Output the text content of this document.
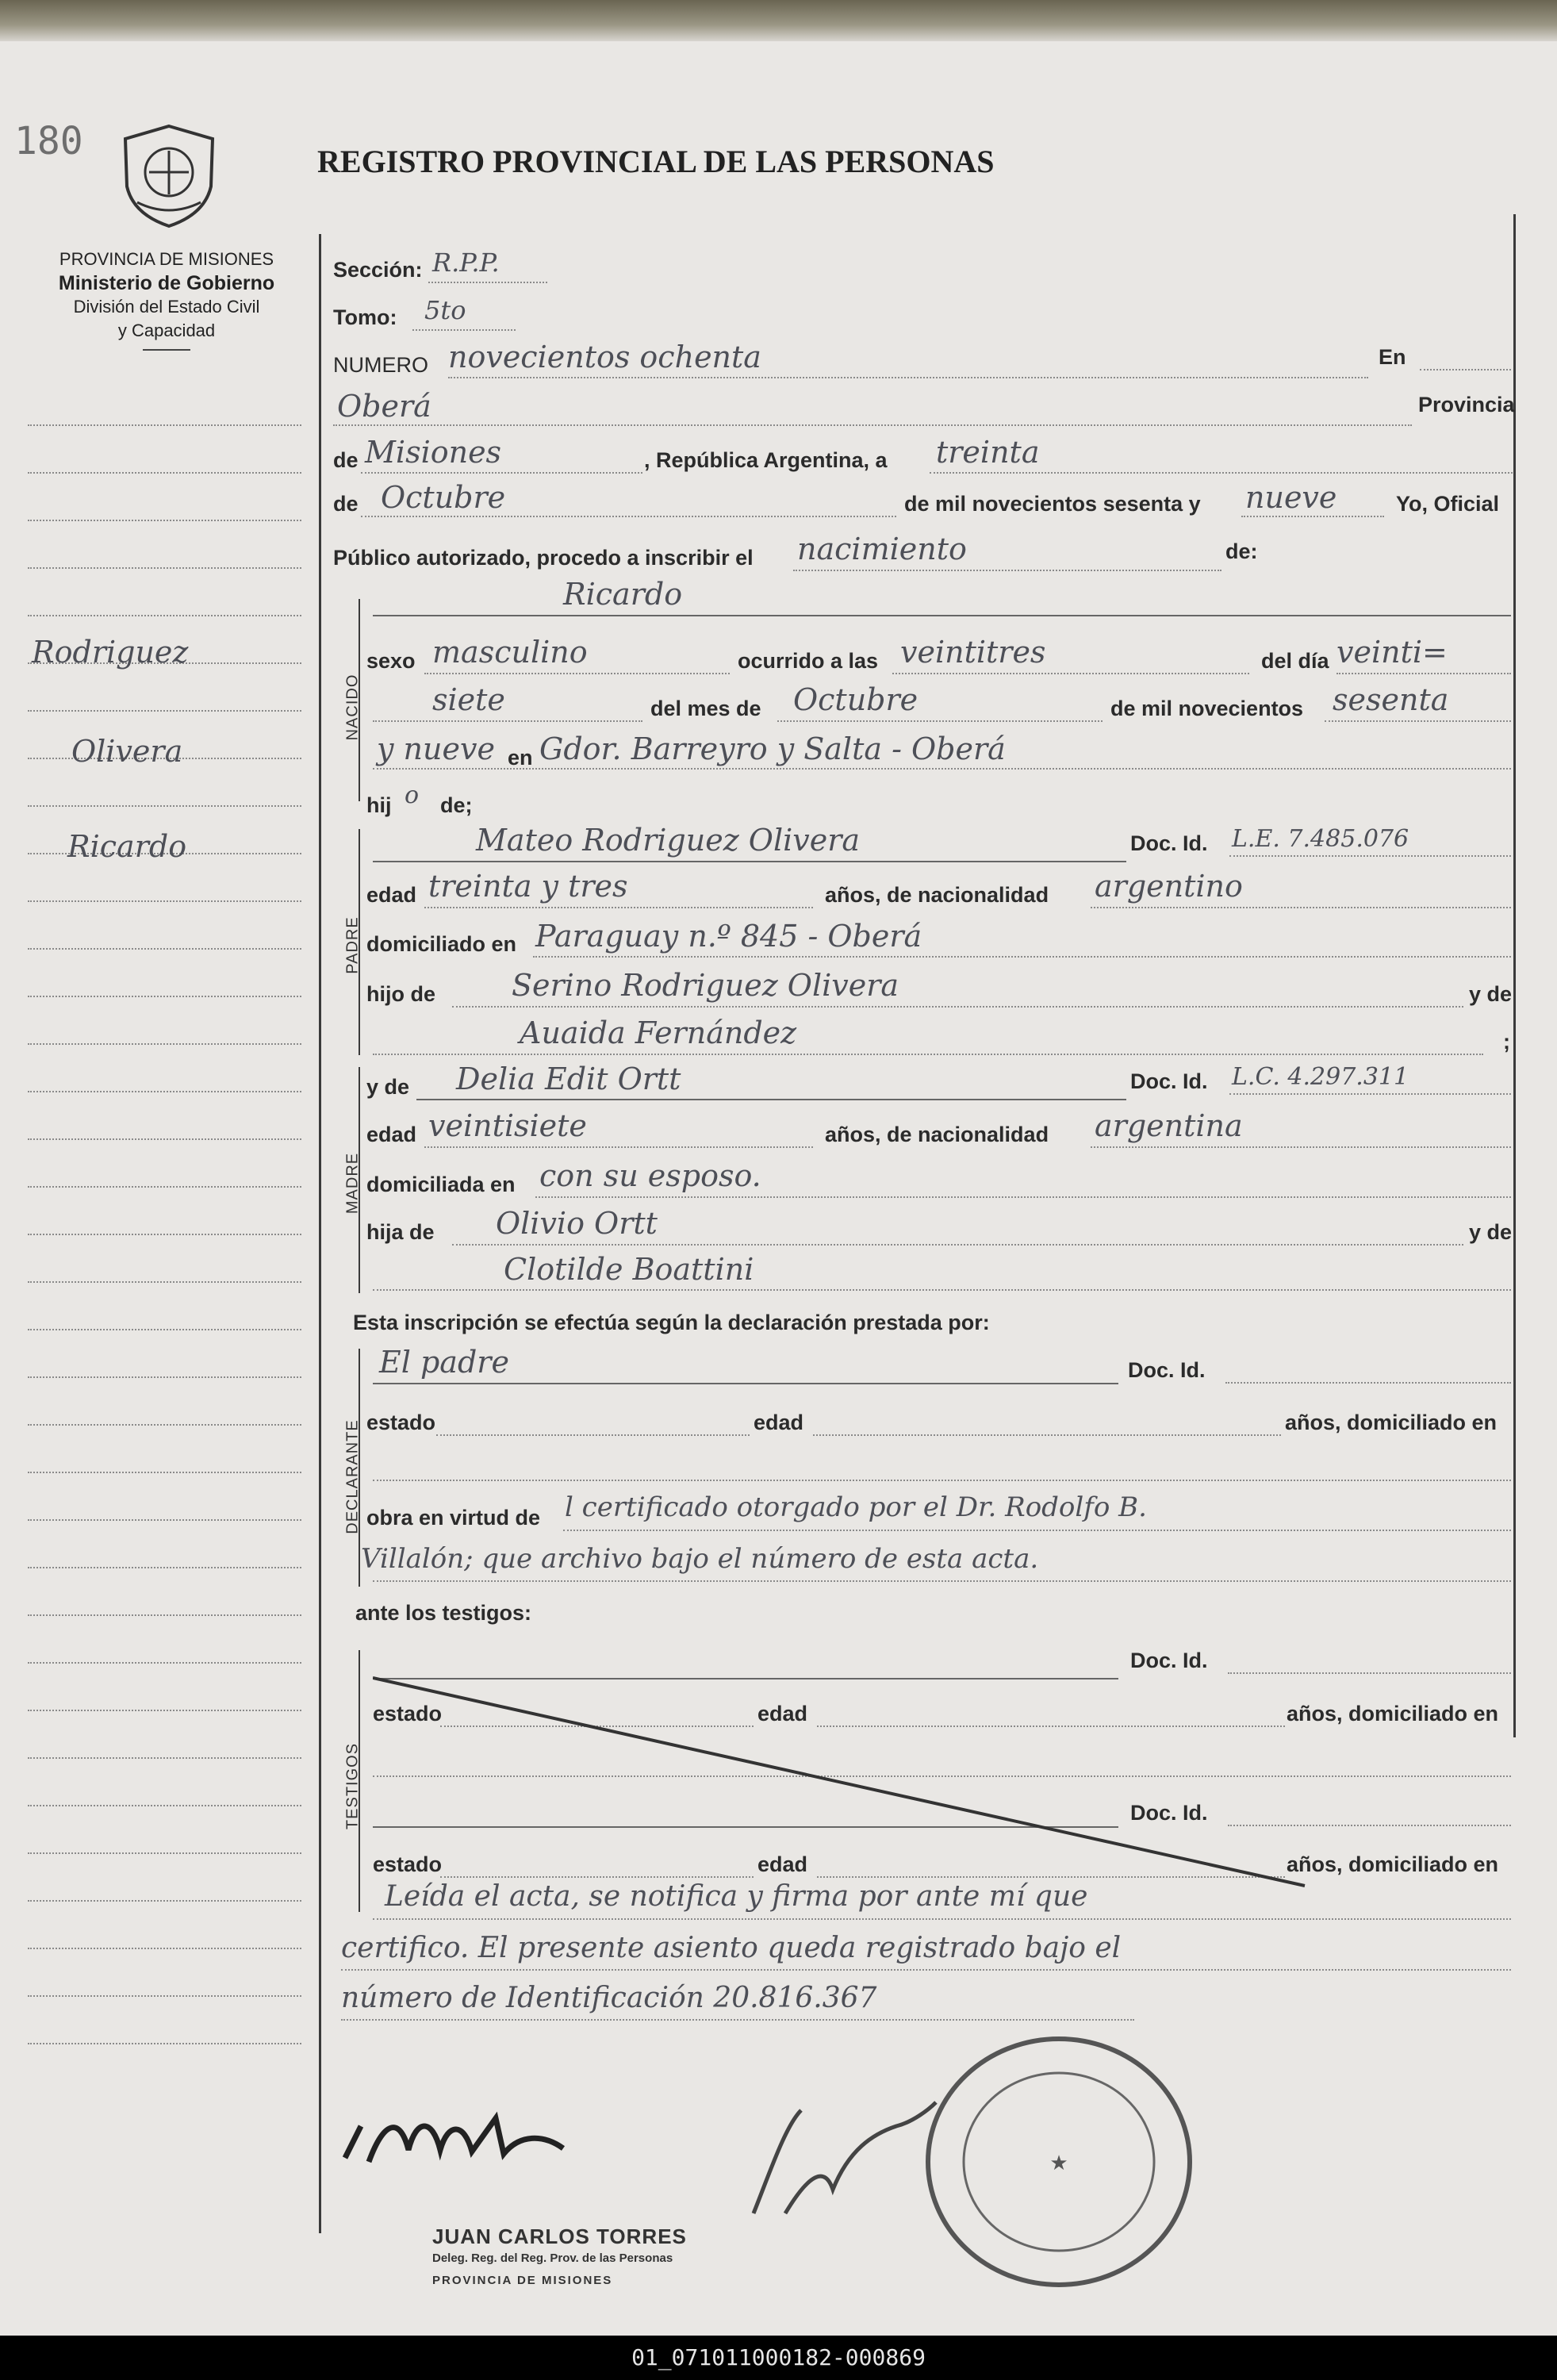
180	REGISTRO PROVINCIAL DE LAS PERSONAS
PROVINCIA DE MISIONES
Ministerio de Gobierno
División del Estado Civil
y Capacidad
Rodriguez
Olivera
Ricardo
NACIDO
PADRE
MADRE
DECLARANTE
TESTIGOS
Sección: R.P.P.
Tomo: 5to
NUMERO novecientos ochenta	En
Oberá	Provincia
de Misiones	, República Argentina, a treinta
de Octubre	de mil novecientos sesenta y nueve	Yo, Oficial
Público autorizado, procedo a inscribir el nacimiento	de:
Ricardo
sexo masculino	ocurrido a las veintitres	del día veinti=
siete	del mes de Octubre	de mil novecientos sesenta
y nueve en Gdor. Barreyro y Salta - Oberá
hij o de;
Mateo Rodriguez Olivera	Doc. Id. L.E. 7.485.076
edad treinta y tres	años, de nacionalidad argentino
domiciliado en Paraguay n.º 845 - Oberá
hijo de	Serino Rodriguez Olivera	y de
Auaida Fernández	;
y de Delia Edit Ortt	Doc. Id. L.C. 4.297.311
edad veintisiete	años, de nacionalidad argentina
domiciliada en con su esposo.
hija de Olivio Ortt	y de
Clotilde Boattini
Esta inscripción se efectúa según la declaración prestada por:
El padre	Doc. Id.
estado	edad	años, domiciliado en
obra en virtud de l certificado otorgado por el Dr. Rodolfo B.
Villalón; que archivo bajo el número de esta acta.
ante los testigos:
Doc. Id.
estado	edad	años, domiciliado en
Doc. Id.
estado	edad	años, domiciliado en
Leída el acta, se notifica y firma por ante mí que
certifico. El presente asiento queda registrado bajo el
número de Identificación 20.816.367
★
JUAN CARLOS TORRES
Deleg. Reg. del Reg. Prov. de las Personas
PROVINCIA DE MISIONES
01_071011000182-000869
